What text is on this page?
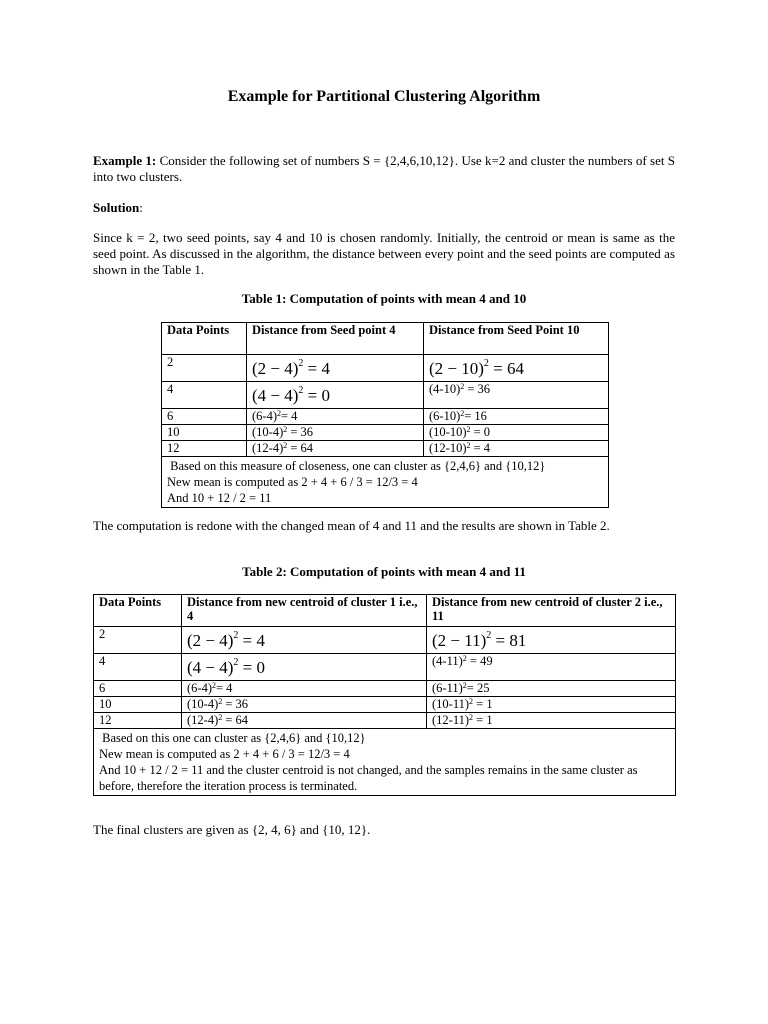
Example for Partitional Clustering Algorithm

Example 1: Consider the following set of numbers S = {2,4,6,10,12}. Use k=2 and cluster the numbers of set S into two clusters.

Solution:

Since k = 2, two seed points, say 4 and 10 is chosen randomly. Initially, the centroid or mean is same as the seed point. As discussed in the algorithm, the distance between every point and the seed points are computed as shown in the Table 1.

Table 1: Computation of points with mean 4 and 10
Data Points	Distance from Seed point 4	Distance from Seed Point 10
2	$(2 - 4)^2 = 4$	$(2 - 10)^2 = 64$
4	$(4 - 4)^2 = 0$	$(4-10)^2 = 36$
6	$(6-4)^2= 4$	$(6-10)^2= 16$
10	$(10-4)^2 = 36$	$(10-10)^2 = 0$
12	$(12-4)^2 = 64$	$(12-10)^2 = 4$

Based on this measure of closeness, one can cluster as {2,4,6} and {10,12}
New mean is computed as 2 + 4 + 6 / 3 = 12/3 = 4
And 10 + 12 / 2 = 11		

The computation is redone with the changed mean of 4 and 11 and the results are shown in Table 2.

Table 2: Computation of points with mean 4 and 11
Data Points	Distance from new centroid of cluster 1 i.e., 4	Distance from new centroid of cluster 2 i.e., 11
2	$(2 - 4)^2 = 4$	$(2 - 11)^2 = 81$
4	$(4 - 4)^2 = 0$	$(4-11)^2 = 49$
6	$(6-4)^2= 4$	$(6-11)^2= 25$
10	$(10-4)^2 = 36$	$(10-11)^2 = 1$
12	$(12-4)^2 = 64$	$(12-11)^2 = 1$

Based on this one can cluster as {2,4,6} and {10,12}
New mean is computed as 2 + 4 + 6 / 3 = 12/3 = 4
And 10 + 12 / 2 = 11 and the cluster centroid is not changed, and the samples remains in the same cluster as before, therefore the iteration process is terminated.		

The final clusters are given as {2, 4, 6} and {10, 12}.
